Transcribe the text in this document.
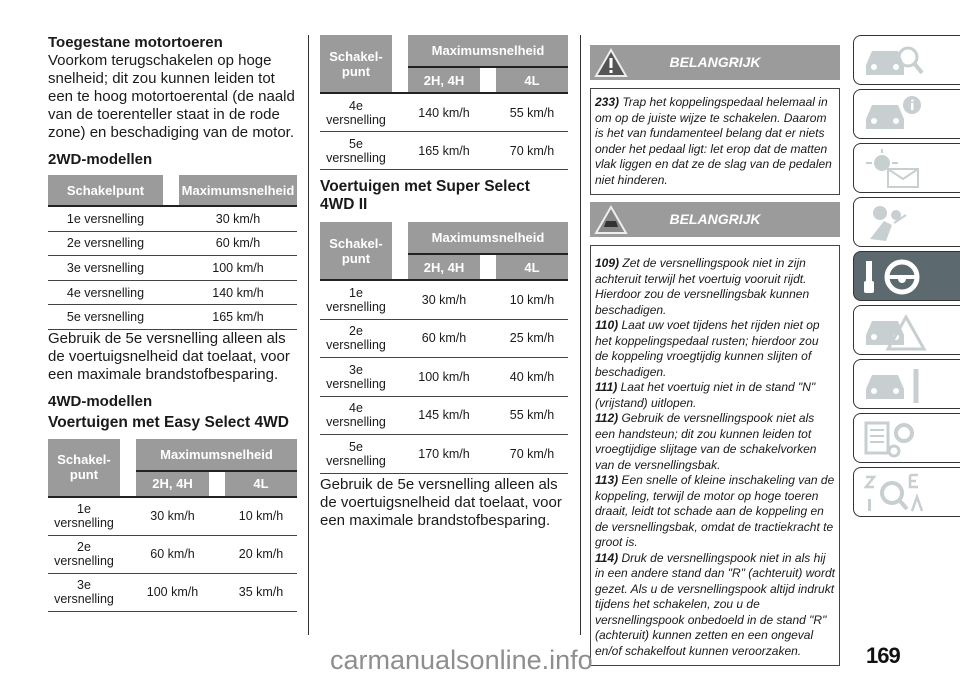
Toegestane motortoeren

Voorkom terugschakelen op hoge snelheid; dit zou kunnen leiden tot een te hoog motortoerental (de naald van de toerenteller staat in de rode zone) en beschadiging van de motor.

2WD-modellen
Schakelpunt		Maximumsnelheid
1e versnelling		30 km/h
2e versnelling		60 km/h
3e versnelling		100 km/h
4e versnelling		140 km/h
5e versnelling		165 km/h

Gebruik de 5e versnelling alleen als de voertuigsnelheid dat toelaat, voor een maximale brandstofbesparing.

4WD-modellen
Voertuigen met Easy Select 4WD
Schakel-punt		Maximumsnelheid		
		2H, 4H		4L
1e versnelling		30 km/h		10 km/h
2e versnelling		60 km/h		20 km/h
3e versnelling		100 km/h		35 km/h
Schakel-punt		Maximumsnelheid		
		2H, 4H		4L
4e versnelling		140 km/h		55 km/h
5e versnelling		165 km/h		70 km/h
Voertuigen met Super Select 4WD II
Schakel-punt		Maximumsnelheid		
		2H, 4H		4L
1e versnelling		30 km/h		10 km/h
2e versnelling		60 km/h		25 km/h
3e versnelling		100 km/h		40 km/h
4e versnelling		145 km/h		55 km/h
5e versnelling		170 km/h		70 km/h

Gebruik de 5e versnelling alleen als de voertuigsnelheid dat toelaat, voor een maximale brandstofbesparing.

BELANGRIJK
233) Trap het koppelingspedaal helemaal in om op de juiste wijze te schakelen. Daarom is het van fundamenteel belang dat er niets onder het pedaal ligt: let erop dat de matten vlak liggen en dat ze de slag van de pedalen niet hinderen.
BELANGRIJK
109) Zet de versnellingspook niet in zijn achteruit terwijl het voertuig vooruit rijdt. Hierdoor zou de versnellingsbak kunnen beschadigen.
110) Laat uw voet tijdens het rijden niet op het koppelingspedaal rusten; hierdoor zou de koppeling vroegtijdig kunnen slijten of beschadigen.
111) Laat het voertuig niet in de stand "N" (vrijstand) uitlopen.
112) Gebruik de versnellingspook niet als een handsteun; dit zou kunnen leiden tot vroegtijdige slijtage van de schakelvorken van de versnellingsbak.
113) Een snelle of kleine inschakeling van de koppeling, terwijl de motor op hoge toeren draait, leidt tot schade aan de koppeling en de versnellingsbak, omdat de tractiekracht te groot is.
114) Druk de versnellingspook niet in als hij in een andere stand dan "R" (achteruit) wordt gezet. Als u de versnellingspook altijd indrukt tijdens het schakelen, zou u de versnellingspook onbedoeld in de stand "R" (achteruit) kunnen zetten en een ongeval en/of schakelfout kunnen veroorzaken.	169
carmanualsonline.info
